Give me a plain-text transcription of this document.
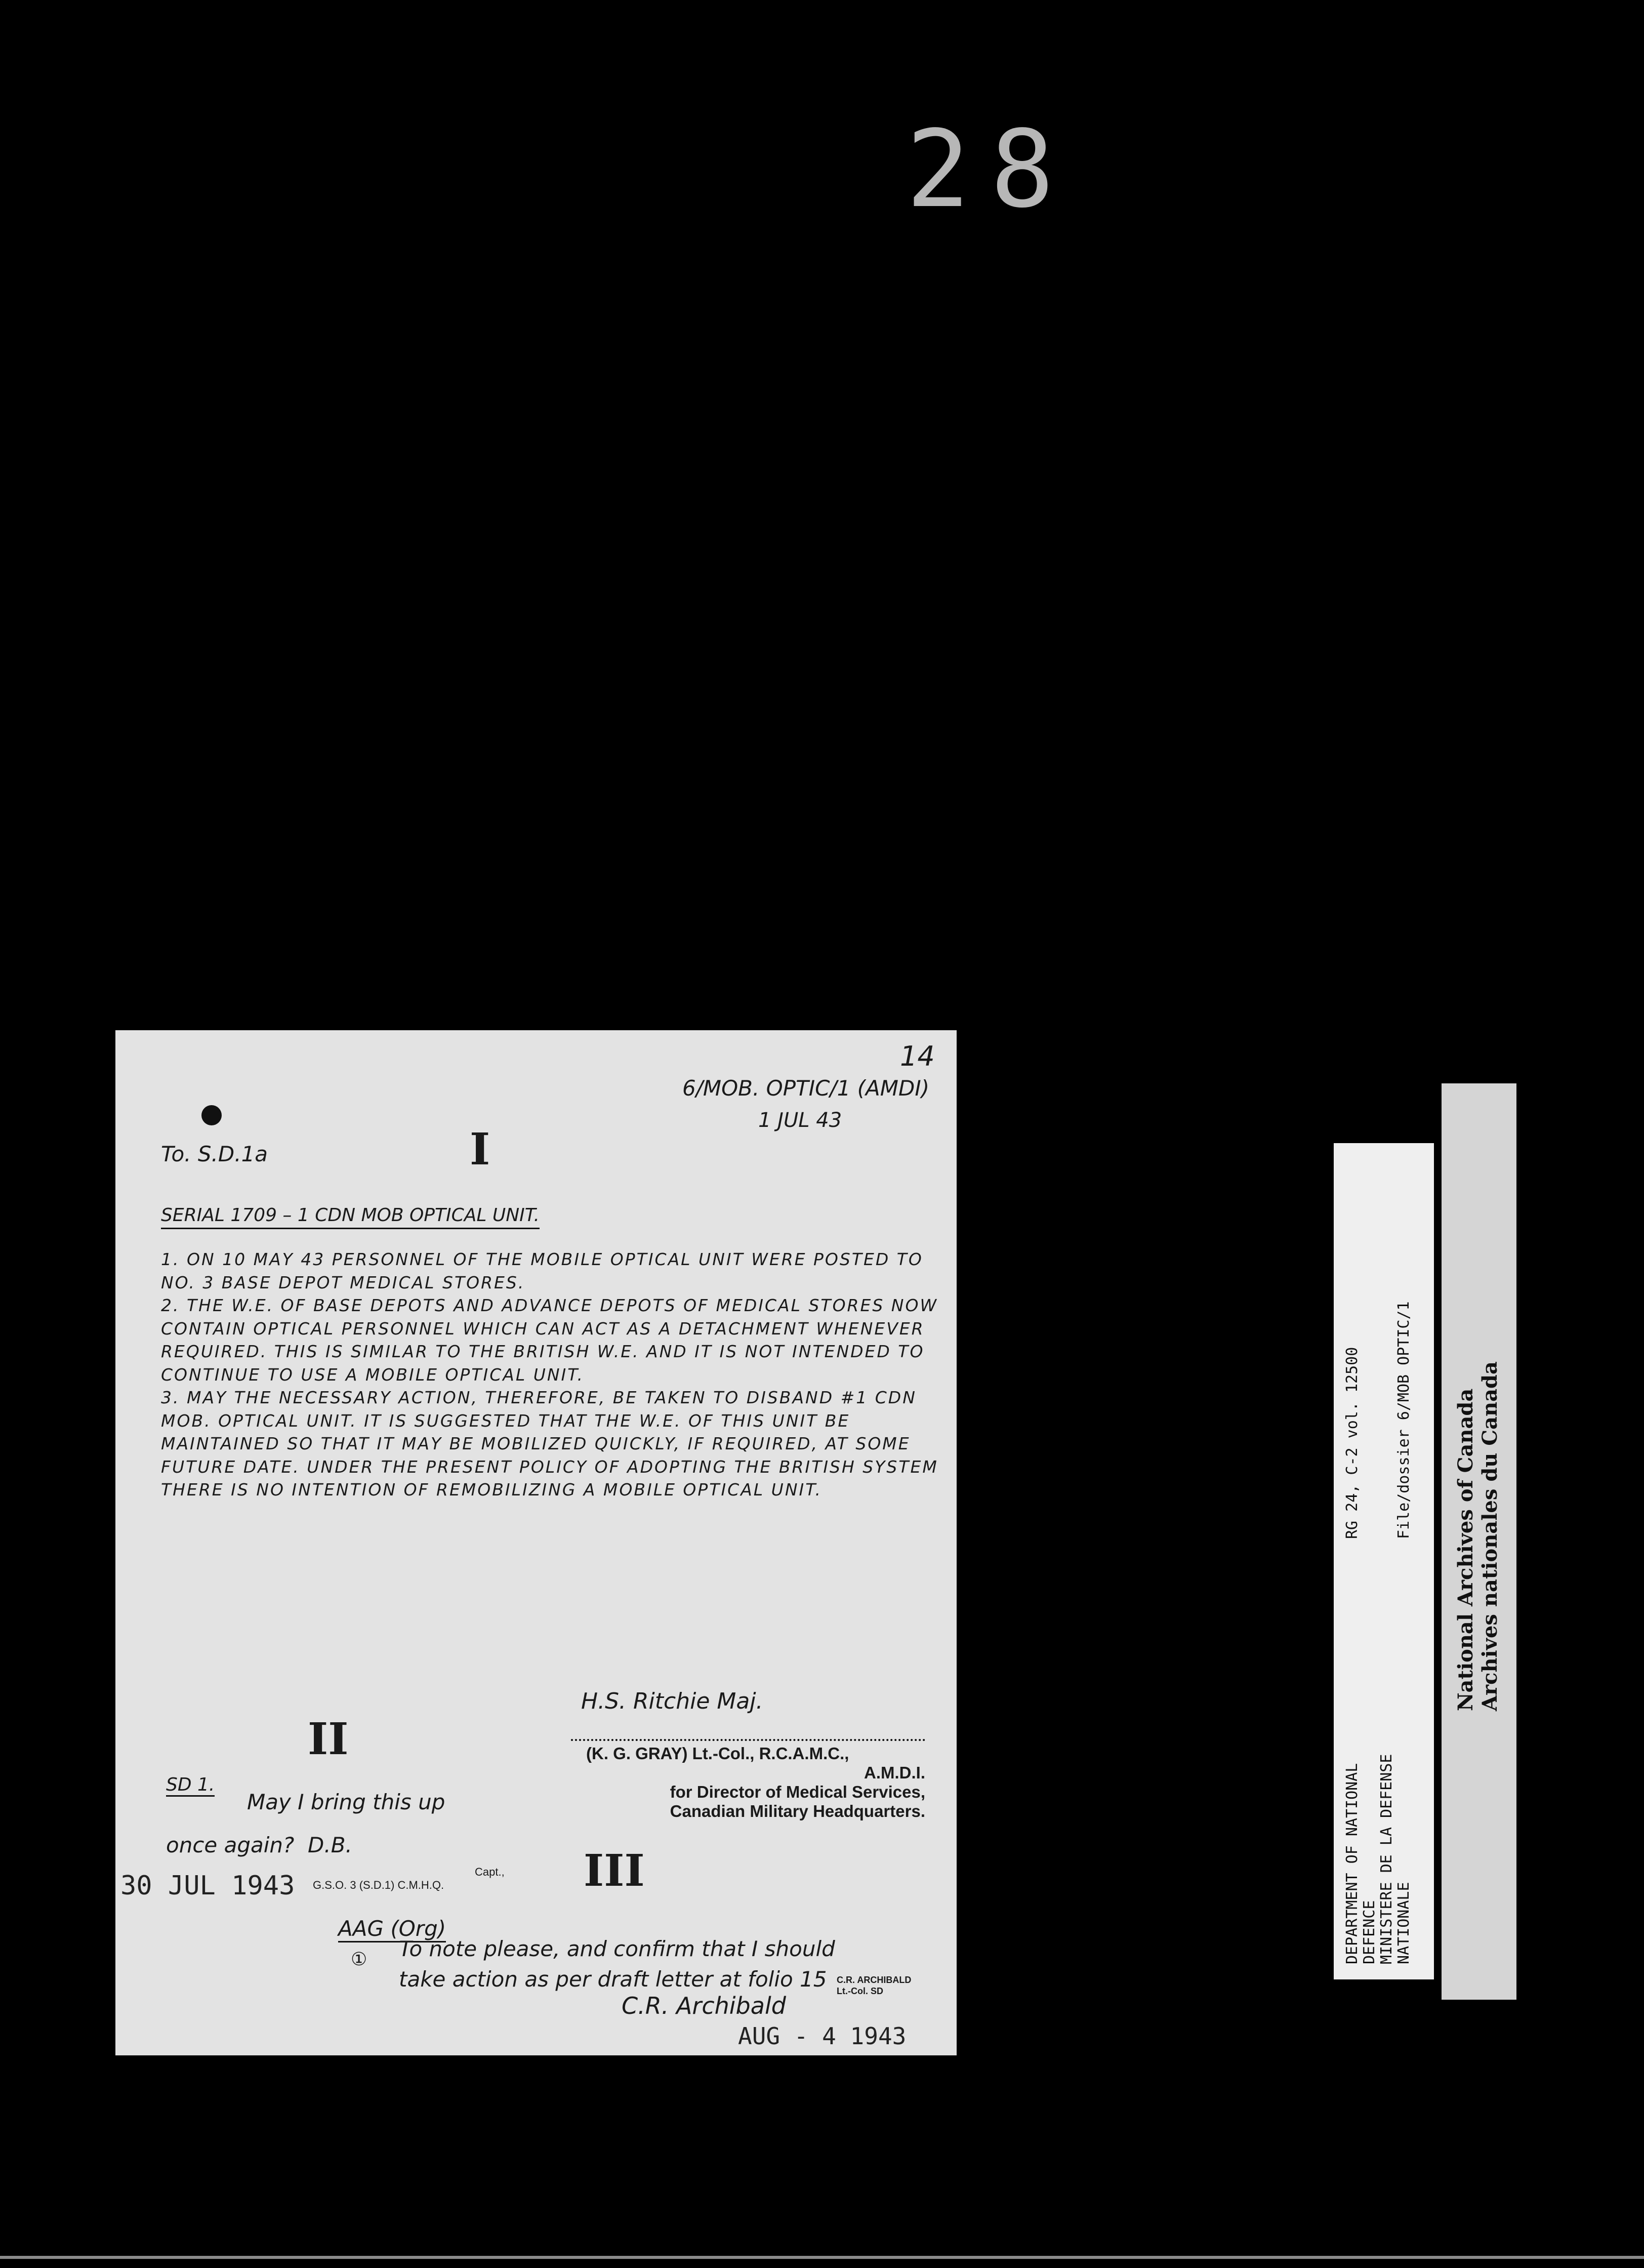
28
14
6/MOB. OPTIC/1 (AMDI)
1 JUL 43
To. S.D.1a	I
SERIAL 1709 – 1 CDN MOB OPTICAL UNIT.

1. ON 10 MAY 43 PERSONNEL OF THE MOBILE OPTICAL UNIT WERE POSTED TO NO. 3 BASE DEPOT MEDICAL STORES.

2. THE W.E. OF BASE DEPOTS AND ADVANCE DEPOTS OF MEDICAL STORES NOW CONTAIN OPTICAL PERSONNEL WHICH CAN ACT AS A DETACHMENT WHENEVER REQUIRED. THIS IS SIMILAR TO THE BRITISH W.E. AND IT IS NOT INTENDED TO CONTINUE TO USE A MOBILE OPTICAL UNIT.

3. MAY THE NECESSARY ACTION, THEREFORE, BE TAKEN TO DISBAND #1 CDN MOB. OPTICAL UNIT. IT IS SUGGESTED THAT THE W.E. OF THIS UNIT BE MAINTAINED SO THAT IT MAY BE MOBILIZED QUICKLY, IF REQUIRED, AT SOME FUTURE DATE. UNDER THE PRESENT POLICY OF ADOPTING THE BRITISH SYSTEM THERE IS NO INTENTION OF REMOBILIZING A MOBILE OPTICAL UNIT.

H.S. Ritchie Maj.
(K. G. GRAY) Lt.-Col., R.C.A.M.C.,
A.M.D.I.
for Director of Medical Services,
Canadian Military Headquarters.
II
SD 1.
May I bring this up
once again? D.B.
30 JUL 1943	Capt.,
G.S.O. 3 (S.D.1) C.M.H.Q.	III
AAG (Org)
① To note please, and confirm that I should
take action as per draft letter at folio 15
C.R. Archibald
C.R. ARCHIBALD
Lt.-Col. SD
AUG - 4 1943
DEPARTMENT OF NATIONAL DEFENCE MINISTERE DE LA DEFENSE NATIONALE
RG 24, C-2 vol. 12500 File/dossier 6/MOB OPTIC/1 National Archives of Canada Archives nationales du Canada
